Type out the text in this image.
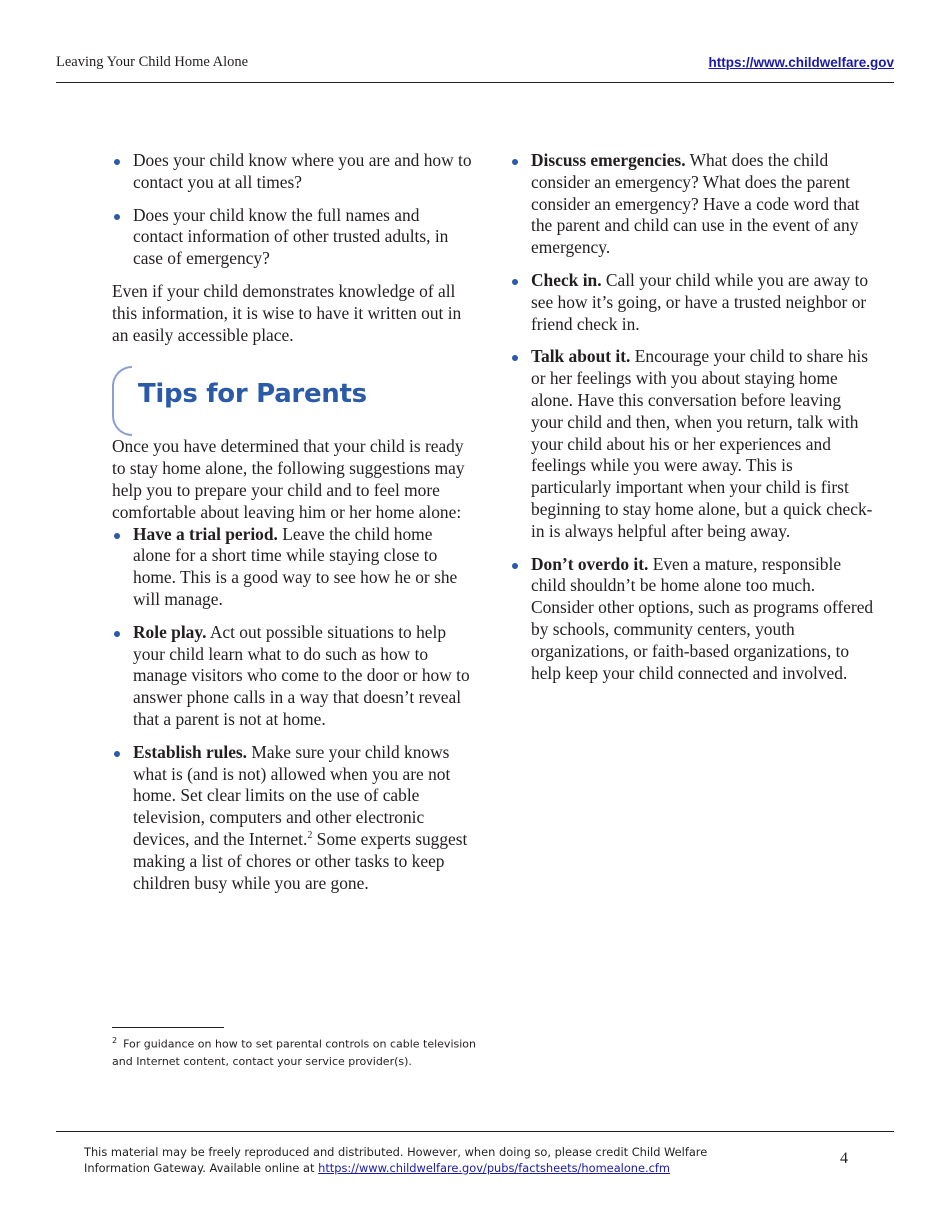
Leaving Your Child Home Alone	https://www.childwelfare.gov
Does your child know where you are and how to contact you at all times?
Does your child know the full names and contact information of other trusted adults, in case of emergency?

Even if your child demonstrates knowledge of all this information, it is wise to have it written out in an easily accessible place.

Tips for Parents

Once you have determined that your child is ready to stay home alone, the following suggestions may help you to prepare your child and to feel more comfortable about leaving him or her home alone:

Have a trial period. Leave the child home alone for a short time while staying close to home. This is a good way to see how he or she will manage.
Role play. Act out possible situations to help your child learn what to do such as how to manage visitors who come to the door or how to answer phone calls in a way that doesn’t reveal that a parent is not at home.
Establish rules. Make sure your child knows what is (and is not) allowed when you are not home. Set clear limits on the use of cable television, computers and other electronic devices, and the Internet.$^2$ Some experts suggest making a list of chores or other tasks to keep children busy while you are gone.
Discuss emergencies. What does the child consider an emergency? What does the parent consider an emergency? Have a code word that the parent and child can use in the event of any emergency.
Check in. Call your child while you are away to see how it’s going, or have a trusted neighbor or friend check in.
Talk about it. Encourage your child to share his or her feelings with you about staying home alone. Have this conversation before leaving your child and then, when you return, talk with your child about his or her experiences and feelings while you were away. This is particularly important when your child is first beginning to stay home alone, but a quick check-in is always helpful after being away.
Don’t overdo it. Even a mature, responsible child shouldn’t be home alone too much. Consider other options, such as programs offered by schools, community centers, youth organizations, or faith-based organizations, to help keep your child connected and involved.
$^2$ For guidance on how to set parental controls on cable television and Internet content, contact your service provider(s).
This material may be freely reproduced and distributed. However, when doing so, please credit Child Welfare Information Gateway. Available online at https://www.childwelfare.gov/pubs/factsheets/homealone.cfm
4
